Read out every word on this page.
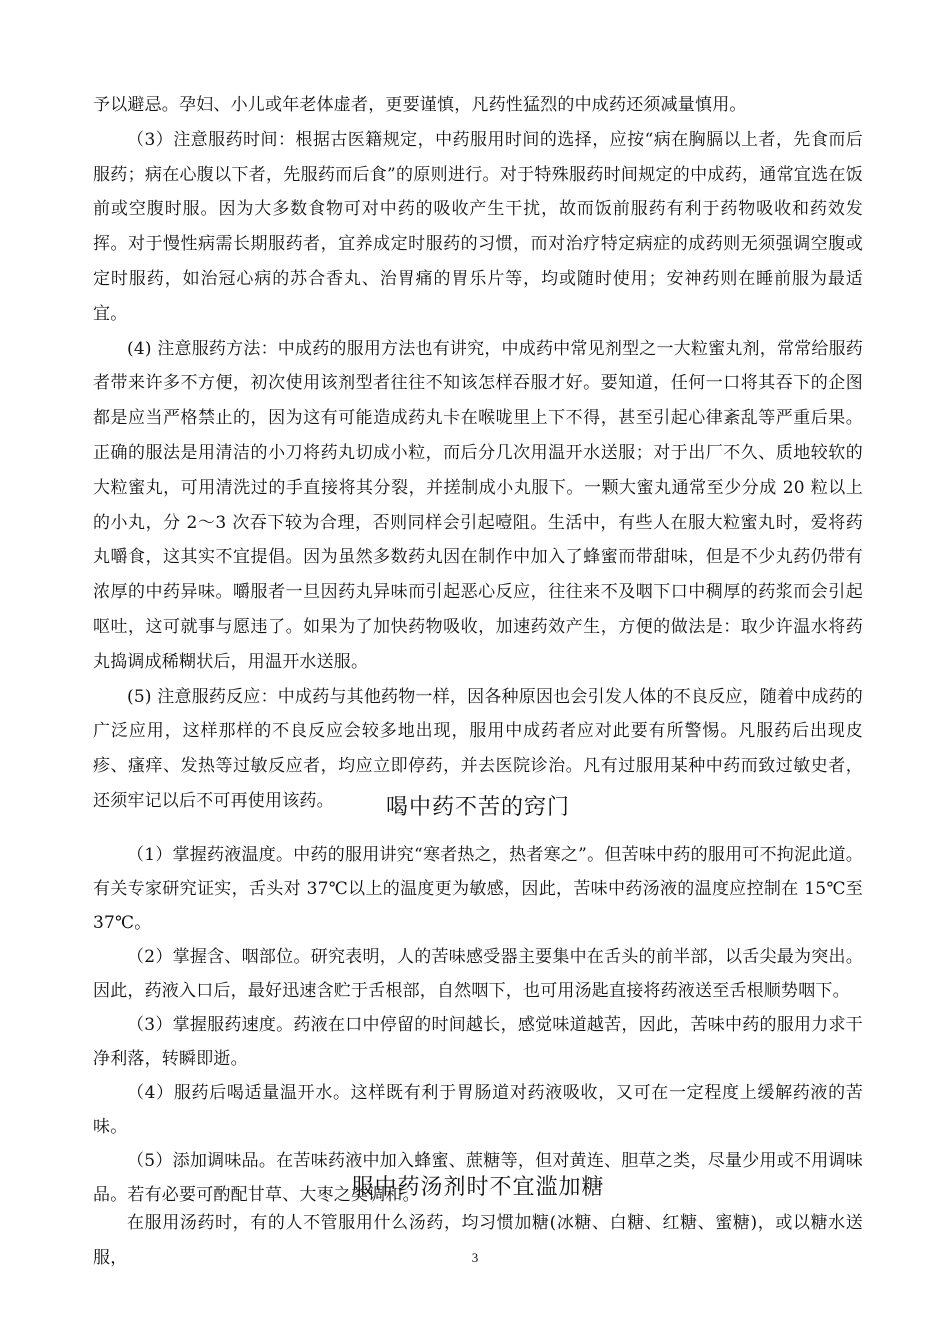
予以避忌。孕妇、小儿或年老体虚者，更要谨慎，凡药性猛烈的中成药还须减量慎用。

（3）注意服药时间：根据古医籍规定，中药服用时间的选择，应按“病在胸膈以上者，先食而后服药；病在心腹以下者，先服药而后食”的原则进行。对于特殊服药时间规定的中成药，通常宜选在饭前或空腹时服。因为大多数食物可对中药的吸收产生干扰，故而饭前服药有利于药物吸收和药效发挥。对于慢性病需长期服药者，宜养成定时服药的习惯，而对治疗特定病症的成药则无须强调空腹或定时服药，如治冠心病的苏合香丸、治胃痛的胃乐片等，均或随时使用；安神药则在睡前服为最适宜。

(4) 注意服药方法：中成药的服用方法也有讲究，中成药中常见剂型之一大粒蜜丸剂，常常给服药者带来许多不方便，初次使用该剂型者往往不知该怎样吞服才好。要知道，任何一口将其吞下的企图都是应当严格禁止的，因为这有可能造成药丸卡在喉咙里上下不得，甚至引起心律紊乱等严重后果。正确的服法是用清洁的小刀将药丸切成小粒，而后分几次用温开水送服；对于出厂不久、质地较软的大粒蜜丸，可用清洗过的手直接将其分裂，并搓制成小丸服下。一颗大蜜丸通常至少分成 20 粒以上的小丸，分 2～3 次吞下较为合理，否则同样会引起噎阻。生活中，有些人在服大粒蜜丸时，爱将药丸嚼食，这其实不宜提倡。因为虽然多数药丸因在制作中加入了蜂蜜而带甜味，但是不少丸药仍带有浓厚的中药异味。嚼服者一旦因药丸异味而引起恶心反应，往往来不及咽下口中稠厚的药浆而会引起呕吐，这可就事与愿违了。如果为了加快药物吸收，加速药效产生，方便的做法是：取少许温水将药丸捣调成稀糊状后，用温开水送服。

(5) 注意服药反应：中成药与其他药物一样，因各种原因也会引发人体的不良反应，随着中成药的广泛应用，这样那样的不良反应会较多地出现，服用中成药者应对此要有所警惕。凡服药后出现皮疹、瘙痒、发热等过敏反应者，均应立即停药，并去医院诊治。凡有过服用某种中药而致过敏史者，还须牢记以后不可再使用该药。	喝中药不苦的窍门

（1）掌握药液温度。中药的服用讲究“寒者热之，热者寒之”。但苦味中药的服用可不拘泥此道。有关专家研究证实，舌头对 37℃以上的温度更为敏感，因此，苦味中药汤液的温度应控制在 15℃至 37℃。

（2）掌握含、咽部位。研究表明，人的苦味感受器主要集中在舌头的前半部，以舌尖最为突出。因此，药液入口后，最好迅速含贮于舌根部，自然咽下，也可用汤匙直接将药液送至舌根顺势咽下。

（3）掌握服药速度。药液在口中停留的时间越长，感觉味道越苦，因此，苦味中药的服用力求干净利落，转瞬即逝。

（4）服药后喝适量温开水。这样既有利于胃肠道对药液吸收，又可在一定程度上缓解药液的苦味。

（5）添加调味品。在苦味药液中加入蜂蜜、蔗糖等，但对黄连、胆草之类，尽量少用或不用调味品。若有必要可酌配甘草、大枣之类调和。

服中药汤剂时不宜滥加糖

在服用汤药时，有的人不管服用什么汤药，均习惯加糖(冰糖、白糖、红糖、蜜糖)，或以糖水送服，	3
